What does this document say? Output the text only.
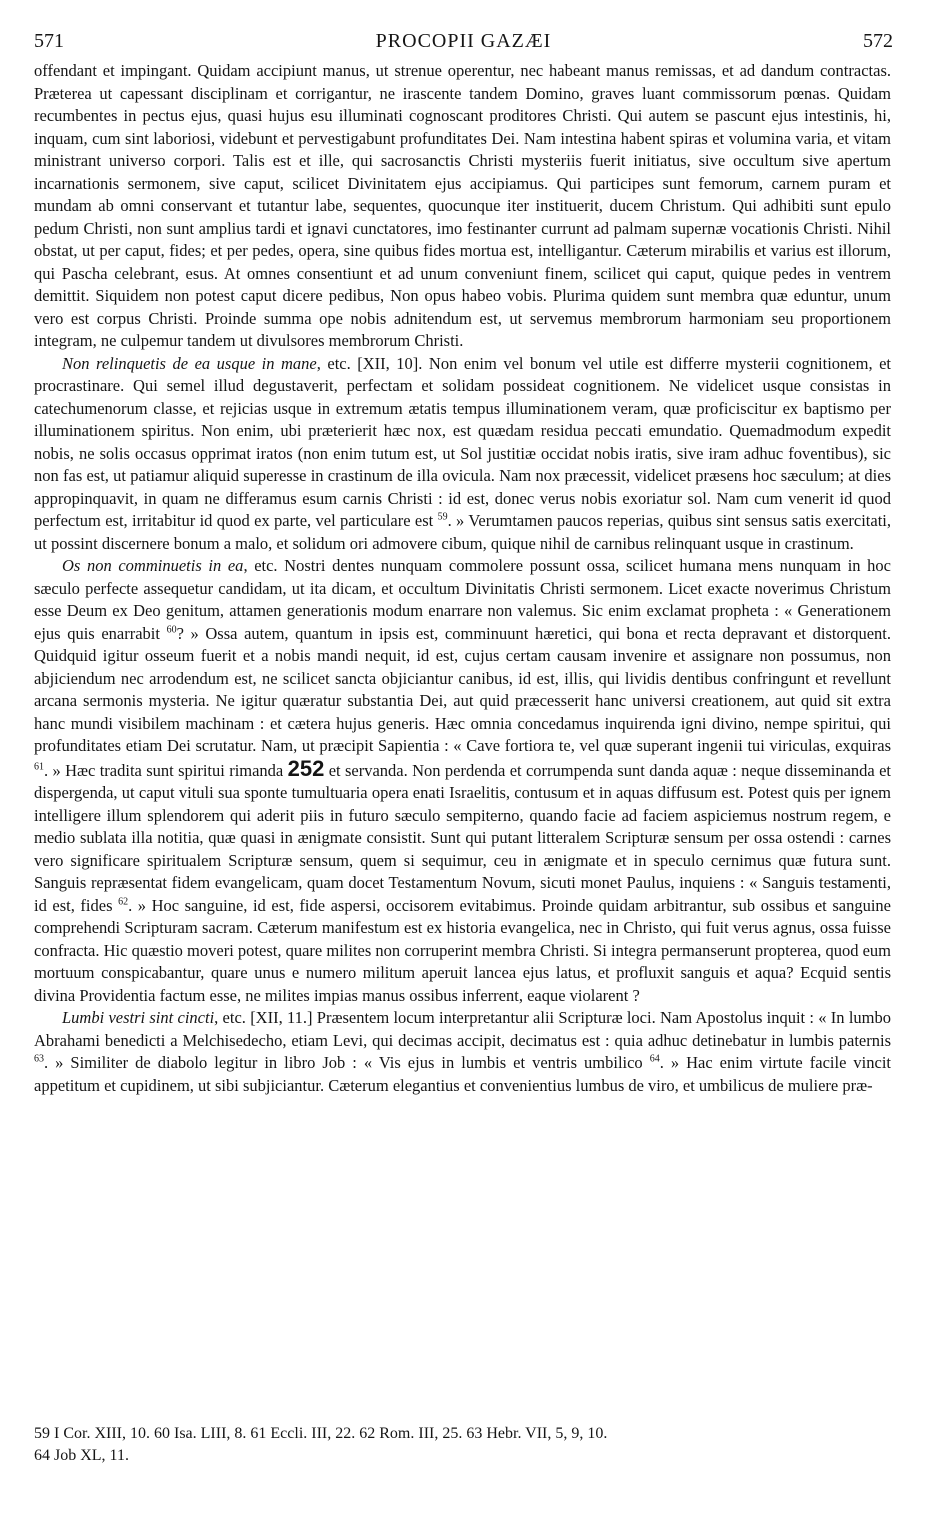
571	PROCOPII GAZÆI	572

offendant et impingant. Quidam accipiunt manus, ut strenue operentur, nec habeant manus remissas, et ad dandum contractas. Præterea ut capessant disciplinam et corrigantur, ne irascente tandem Domino, graves luant commissorum pœnas. Quidam recumbentes in pectus ejus, quasi hujus esu illuminati cognoscant proditores Christi. Qui autem se pascunt ejus intestinis, hi, inquam, cum sint laboriosi, videbunt et pervestigabunt profunditates Dei. Nam intestina habent spiras et volumina varia, et vitam ministrant universo corpori. Talis est et ille, qui sacrosanctis Christi mysteriis fuerit initiatus, sive occultum sive apertum incarnationis sermonem, sive caput, scilicet Divinitatem ejus accipiamus. Qui participes sunt femorum, carnem puram et mundam ab omni conservant et tutantur labe, sequentes, quocunque iter instituerit, ducem Christum. Qui adhibiti sunt epulo pedum Christi, non sunt amplius tardi et ignavi cunctatores, imo festinanter currunt ad palmam supernæ vocationis Christi. Nihil obstat, ut per caput, fides; et per pedes, opera, sine quibus fides mortua est, intelligantur. Cæterum mirabilis et varius est illorum, qui Pascha celebrant, esus. At omnes consentiunt et ad unum conveniunt finem, scilicet qui caput, quique pedes in ventrem demittit. Siquidem non potest caput dicere pedibus, Non opus habeo vobis. Plurima quidem sunt membra quæ eduntur, unum vero est corpus Christi. Proinde summa ope nobis adnitendum est, ut servemus membrorum harmoniam seu proportionem integram, ne culpemur tandem ut divulsores membrorum Christi.

Non relinquetis de ea usque in mane, etc. [XII, 10]. Non enim vel bonum vel utile est differre mysterii cognitionem, et procrastinare. Qui semel illud degustaverit, perfectam et solidam possideat cognitionem. Ne videlicet usque consistas in catechumenorum classe, et rejicias usque in extremum ætatis tempus illuminationem veram, quæ proficiscitur ex baptismo per illuminationem spiritus. Non enim, ubi præterierit hæc nox, est quædam residua peccati emundatio. Quemadmodum expedit nobis, ne solis occasus opprimat iratos (non enim tutum est, ut Sol justitiæ occidat nobis iratis, sive iram adhuc foventibus), sic non fas est, ut patiamur aliquid superesse in crastinum de illa ovicula. Nam nox præcessit, videlicet præsens hoc sæculum; at dies appropinquavit, in quam ne differamus esum carnis Christi : id est, donec verus nobis exoriatur sol. Nam cum venerit id quod perfectum est, irritabitur id quod ex parte, vel particulare est $^{59}$. » Verumtamen paucos reperias, quibus sint sensus satis exercitati, ut possint discernere bonum a malo, et solidum ori admovere cibum, quique nihil de carnibus relinquant usque in crastinum.

Os non comminuetis in ea, etc. Nostri dentes nunquam commolere possunt ossa, scilicet humana mens nunquam in hoc sæculo perfecte assequetur candidam, ut ita dicam, et occultum Divinitatis Christi sermonem. Licet exacte noverimus Christum esse Deum ex Deo genitum, attamen generationis modum enarrare non valemus. Sic enim exclamat propheta : « Generationem ejus quis enarrabit $^{60}$? » Ossa autem, quantum in ipsis est, comminuunt hæretici, qui bona et recta depravant et distorquent. Quidquid igitur osseum fuerit et a nobis mandi nequit, id est, cujus certam causam invenire et assignare non possumus, non abjiciendum nec arrodendum est, ne scilicet sancta objiciantur canibus, id est, illis, qui lividis dentibus confringunt et revellunt arcana sermonis mysteria. Ne igitur quæratur substantia Dei, aut quid præcesserit hanc universi creationem, aut quid sit extra hanc mundi visibilem machinam : et cætera hujus generis. Hæc omnia concedamus inquirenda igni divino, nempe spiritui, qui profunditates etiam Dei scrutatur. Nam, ut præcipit Sapientia : « Cave fortiora te, vel quæ superant ingenii tui viriculas, exquiras $^{61}$. » Hæc tradita sunt spiritui rimanda 252 et servanda. Non perdenda et corrumpenda sunt danda aquæ : neque disseminanda et dispergenda, ut caput vituli sua sponte tumultuaria opera enati Israelitis, contusum et in aquas diffusum est. Potest quis per ignem intelligere illum splendorem qui aderit piis in futuro sæculo sempiterno, quando facie ad faciem aspiciemus nostrum regem, e medio sublata illa notitia, quæ quasi in ænigmate consistit. Sunt qui putant litteralem Scripturæ sensum per ossa ostendi : carnes vero significare spiritualem Scripturæ sensum, quem si sequimur, ceu in ænigmate et in speculo cernimus quæ futura sunt. Sanguis repræsentat fidem evangelicam, quam docet Testamentum Novum, sicuti monet Paulus, inquiens : « Sanguis testamenti, id est, fides $^{62}$. » Hoc sanguine, id est, fide aspersi, occisorem evitabimus. Proinde quidam arbitrantur, sub ossibus et sanguine comprehendi Scripturam sacram. Cæterum manifestum est ex historia evangelica, nec in Christo, qui fuit verus agnus, ossa fuisse confracta. Hic quæstio moveri potest, quare milites non corruperint membra Christi. Si integra permanserunt propterea, quod eum mortuum conspicabantur, quare unus e numero militum aperuit lancea ejus latus, et profluxit sanguis et aqua? Ecquid sentis divina Providentia factum esse, ne milites impias manus ossibus inferrent, eaque violarent ?

Lumbi vestri sint cincti, etc. [XII, 11.] Præsentem locum interpretantur alii Scripturæ loci. Nam Apostolus inquit : « In lumbo Abrahami benedicti a Melchisedecho, etiam Levi, qui decimas accipit, decimatus est : quia adhuc detinebatur in lumbis paternis $^{63}$. » Similiter de diabolo legitur in libro Job : « Vis ejus in lumbis et ventris umbilico $^{64}$. » Hac enim virtute facile vincit appetitum et cupidinem, ut sibi subjiciantur. Cæterum elegantius et convenientius lumbus de viro, et umbilicus de muliere præ-

59 I Cor. XIII, 10. 60 Isa. LIII, 8. 61 Eccli. III, 22. 62 Rom. III, 25. 63 Hebr. VII, 5, 9, 10.
64 Job XL, 11.
